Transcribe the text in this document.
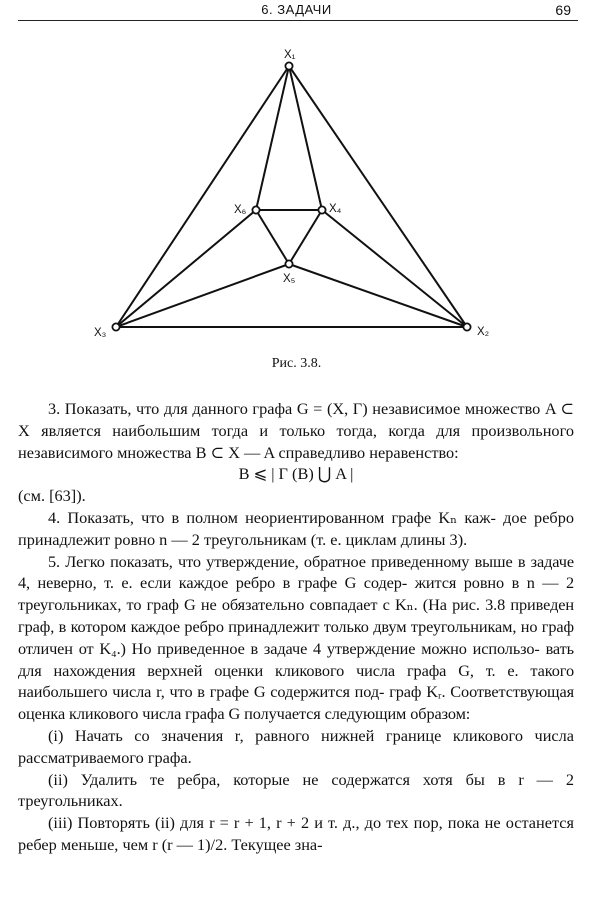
6. ЗАДАЧИ	69
X₁
X₂
X₃
X₄
X₅
X₆
Рис. 3.8.

3. Показать, что для данного графа G = (X, Γ) независимое множество A ⊂ X является наибольшим тогда и только тогда, когда для произвольного независимого множества B ⊂ X — A справедливо неравенство:

B ⩽ | Γ (B) ⋃ A |

(см. [63]).

4. Показать, что в полном неориентированном графе Kₙ каж- дое ребро принадлежит ровно n — 2 треугольникам (т. е. циклам длины 3).

5. Легко показать, что утверждение, обратное приведенному выше в задаче 4, неверно, т. е. если каждое ребро в графе G содер- жится ровно в n — 2 треугольниках, то граф G не обязательно совпадает с Kₙ. (На рис. 3.8 приведен граф, в котором каждое ребро принадлежит только двум треугольникам, но граф отличен от K₄.) Но приведенное в задаче 4 утверждение можно использо- вать для нахождения верхней оценки кликового числа графа G, т. е. такого наибольшего числа r, что в графе G содержится под- граф Kᵣ. Соответствующая оценка кликового числа графа G получается следующим образом:

(i) Начать со значения r, равного нижней границе кликового числа рассматриваемого графа.

(ii) Удалить те ребра, которые не содержатся хотя бы в r — 2 треугольниках.

(iii) Повторять (ii) для r = r + 1, r + 2 и т. д., до тех пор, пока не останется ребер меньше, чем r (r — 1)/2. Текущее зна-
